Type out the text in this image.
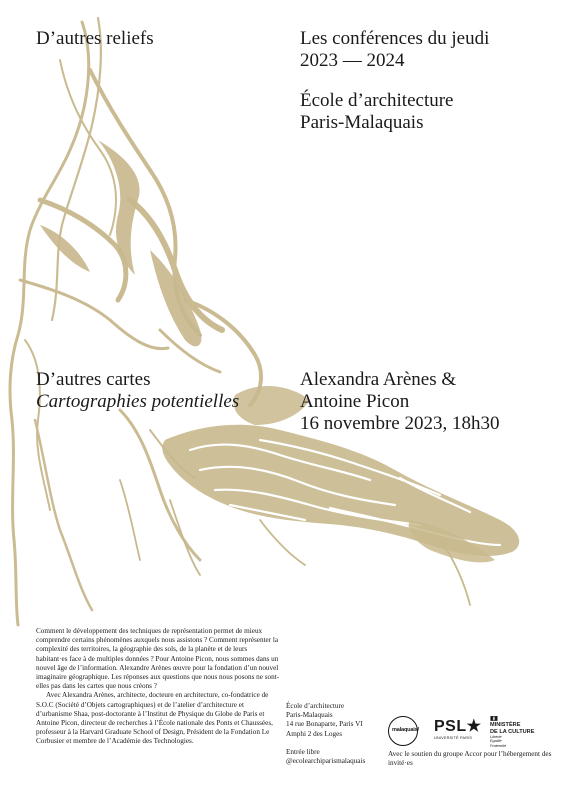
D’autres reliefs	Les conférences du jeudi
2023 — 2024
École d’architecture
Paris-Malaquais
D’autres cartes
Cartographies potentielles
Alexandra Arènes &
Antoine Picon
16 novembre 2023, 18h30

Comment le développement des techniques de représentation permet de mieux comprendre certains phénomènes auxquels nous assistons ? Comment représenter la complexité des territoires, la géographie des sols, de la planète et de leurs habitant·es face à de multiples données ? Pour Antoine Picon, nous sommes dans un nouvel âge de l’information. Alexandre Arènes œuvre pour la fondation d’un nouvel imaginaire géographique. Les réponses aux questions que nous nous posons ne sont-elles pas dans les cartes que nous créons ?

Avec Alexandra Arènes, architecte, docteure en architecture, co-fondatrice de S.O.C (Société d’Objets cartographiques) et de l’atelier d’architecture et d’urbanisme Shaa, post-doctorante à l’Institut de Physique du Globe de Paris et Antoine Picon, directeur de recherches à l’École nationale des Ponts et Chaussées, professeur à la Harvard Graduate School of Design, Président de la Fondation Le Corbusier et membre de l’Académie des Technologies.

École d’architecture
Paris-Malaquais
14 rue Bonaparte, Paris VI
Amphi 2 des Loges
Entrée libre
@ecolearchiparismalaquais
malaquais/ PSL★
UNIVERSITÉ PARIS
▮▯▮
MINISTÈRE
DE LA CULTURE
Liberté
Égalité
Fraternité
Avec le soutien du groupe Accor pour l’hébergement des invité·es
